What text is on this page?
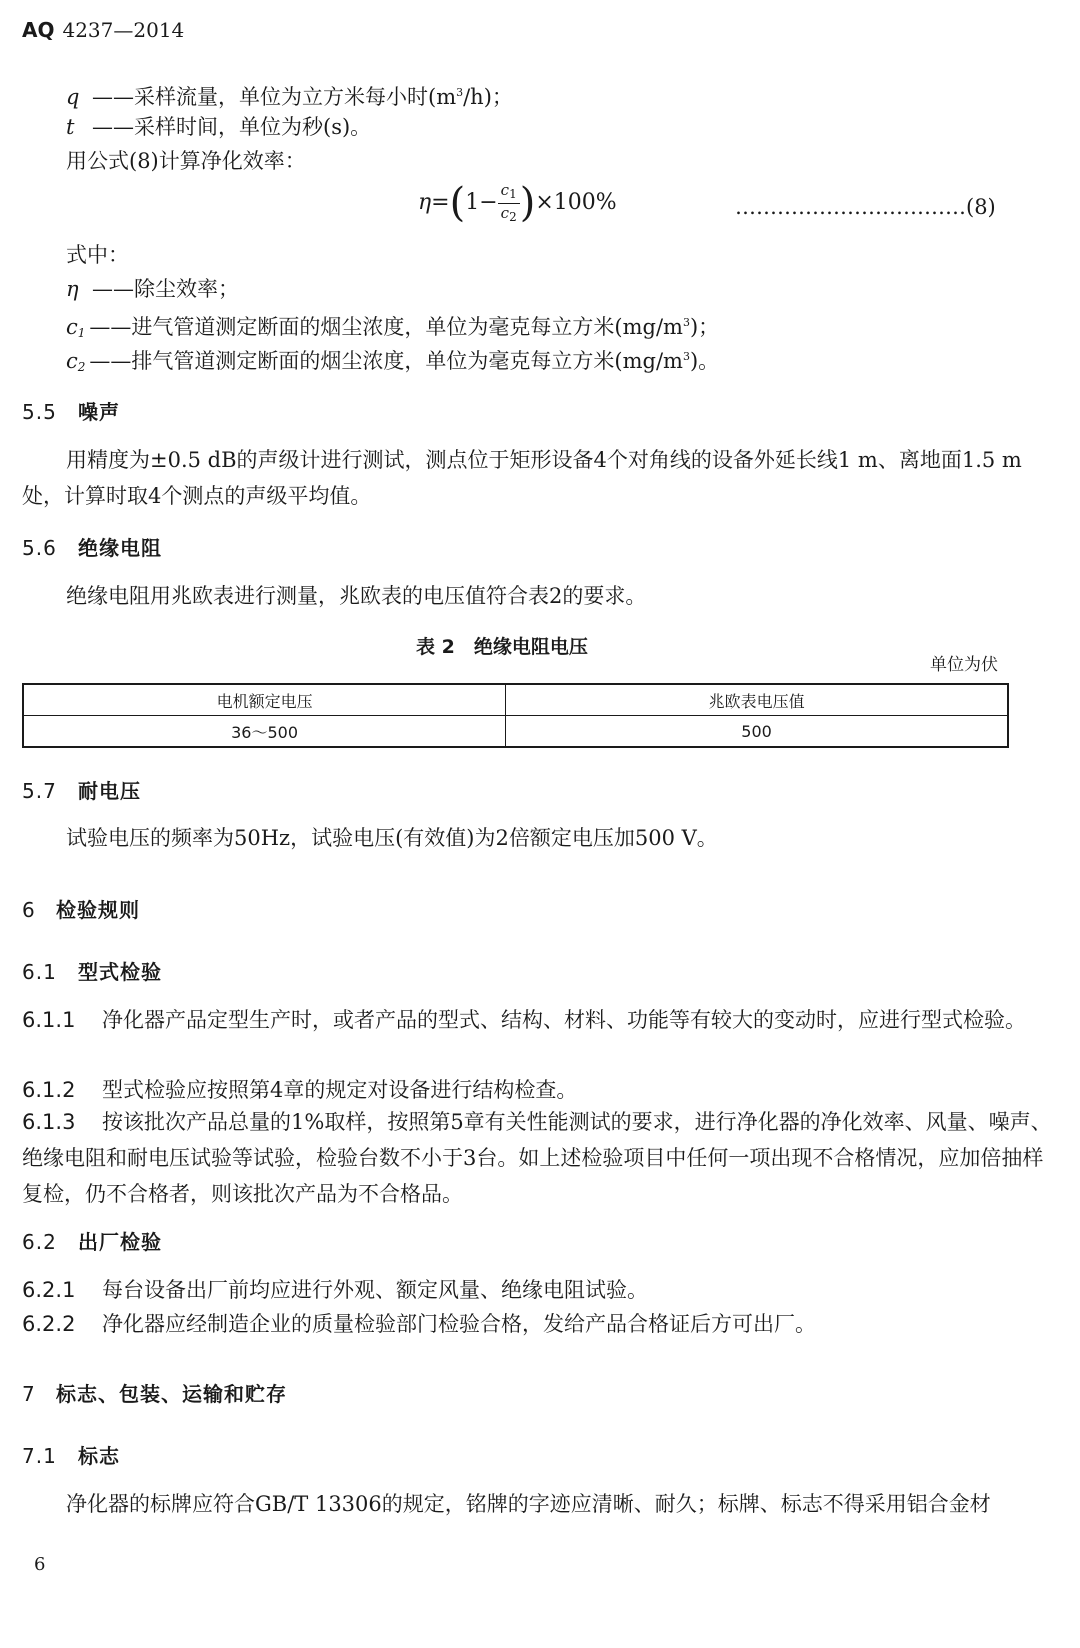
AQ 4237—2014
q ——采样流量，单位为立方米每小时$(m^3/h)$；
t ——采样时间，单位为秒(s)。
用公式(8)计算净化效率：
$\eta=(1- \frac{c_1}{c_2} )\times 100\%$	……………………………(8)
式中：
η ——除尘效率；
$c_1$ ——进气管道测定断面的烟尘浓度，单位为毫克每立方米$(mg/m^3)$；
$c_2$ ——排气管道测定断面的烟尘浓度，单位为毫克每立方米$(mg/m^3)$。
5.5 噪声
用精度为±0.5 dB的声级计进行测试，测点位于矩形设备4个对角线的设备外延长线1 m、离地面1.5 m处，计算时取4个测点的声级平均值。
5.6 绝缘电阻
绝缘电阻用兆欧表进行测量，兆欧表的电压值符合表2的要求。
表 2　绝缘电阻电压
单位为伏
电机额定电压	兆欧表电压值
36～500	500
5.7 耐电压
试验电压的频率为50Hz，试验电压(有效值)为2倍额定电压加500 V。
6 检验规则
6.1 型式检验
6.1.1 净化器产品定型生产时，或者产品的型式、结构、材料、功能等有较大的变动时，应进行型式检验。
6.1.2 型式检验应按照第4章的规定对设备进行结构检查。
6.1.3 按该批次产品总量的1%取样，按照第5章有关性能测试的要求，进行净化器的净化效率、风量、噪声、绝缘电阻和耐电压试验等试验，检验台数不小于3台。如上述检验项目中任何一项出现不合格情况，应加倍抽样复检，仍不合格者，则该批次产品为不合格品。
6.2 出厂检验
6.2.1 每台设备出厂前均应进行外观、额定风量、绝缘电阻试验。
6.2.2 净化器应经制造企业的质量检验部门检验合格，发给产品合格证后方可出厂。
7 标志、包装、运输和贮存
7.1 标志
净化器的标牌应符合GB/T 13306的规定，铭牌的字迹应清晰、耐久；标牌、标志不得采用铝合金材
6
